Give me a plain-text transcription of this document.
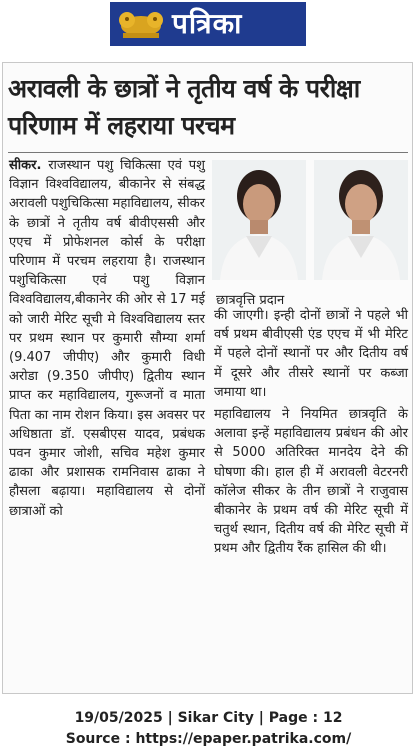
पत्रिका
अरावली के छात्रों ने तृतीय वर्ष के परीक्षा परिणाम में लहराया परचम

सीकर. राजस्थान पशु चिकित्सा एवं पशु विज्ञान विश्वविद्यालय, बीकानेर से संबद्ध अरावली पशुचिकित्सा महाविद्यालय, सीकर के छात्रों ने तृतीय वर्ष बीवीएससी और एएच में प्रोफेशनल कोर्स के परीक्षा परिणाम में परचम लहराया है। राजस्थान पशुचिकित्सा एवं पशु विज्ञान विश्वविद्यालय,बीकानेर की ओर से 17 मई को जारी मेरिट सूची मे विश्वविद्यालय स्तर पर प्रथम स्थान पर कुमारी सौम्या शर्मा (9.407 जीपीए) और कुमारी विधी अरोडा (9.350 जीपीए) द्वितीय स्थान प्राप्त कर महाविद्यालय, गुरूजनों व माता पिता का नाम रोशन किया। इस अवसर पर अधिष्ठाता डॉ. एसबीएस यादव, प्रबंधक पवन कुमार जोशी, सचिव महेश कुमार ढाका और प्रशासक रामनिवास ढाका ने हौसला बढ़ाया। महाविद्यालय से दोनों छात्राओं को

छात्रवृत्ति प्रदान

की जाएगी। इन्ही दोनों छात्रों ने पहले भी वर्ष प्रथम बीवीएसी एंड एएच में भी मेरिट में पहले दोनों स्थानों पर और दितीय वर्ष में दूसरे और तीसरे स्थानों पर कब्जा जमाया था।

महाविद्यालय ने नियमित छात्रवृति के अलावा इन्हें महाविद्यालय प्रबंधन की ओर से 5000 अतिरिक्त मानदेय देने की घोषणा की। हाल ही में अरावली वेटरनरी कॉलेज सीकर के तीन छात्रों ने राजुवास बीकानेर के प्रथम वर्ष की मेरिट सूची में चतुर्थ स्थान, दितीय वर्ष की मेरिट सूची में प्रथम और द्वितीय रैंक हासिल की थी।

19/05/2025 | Sikar City | Page : 12
Source : https://epaper.patrika.com/
